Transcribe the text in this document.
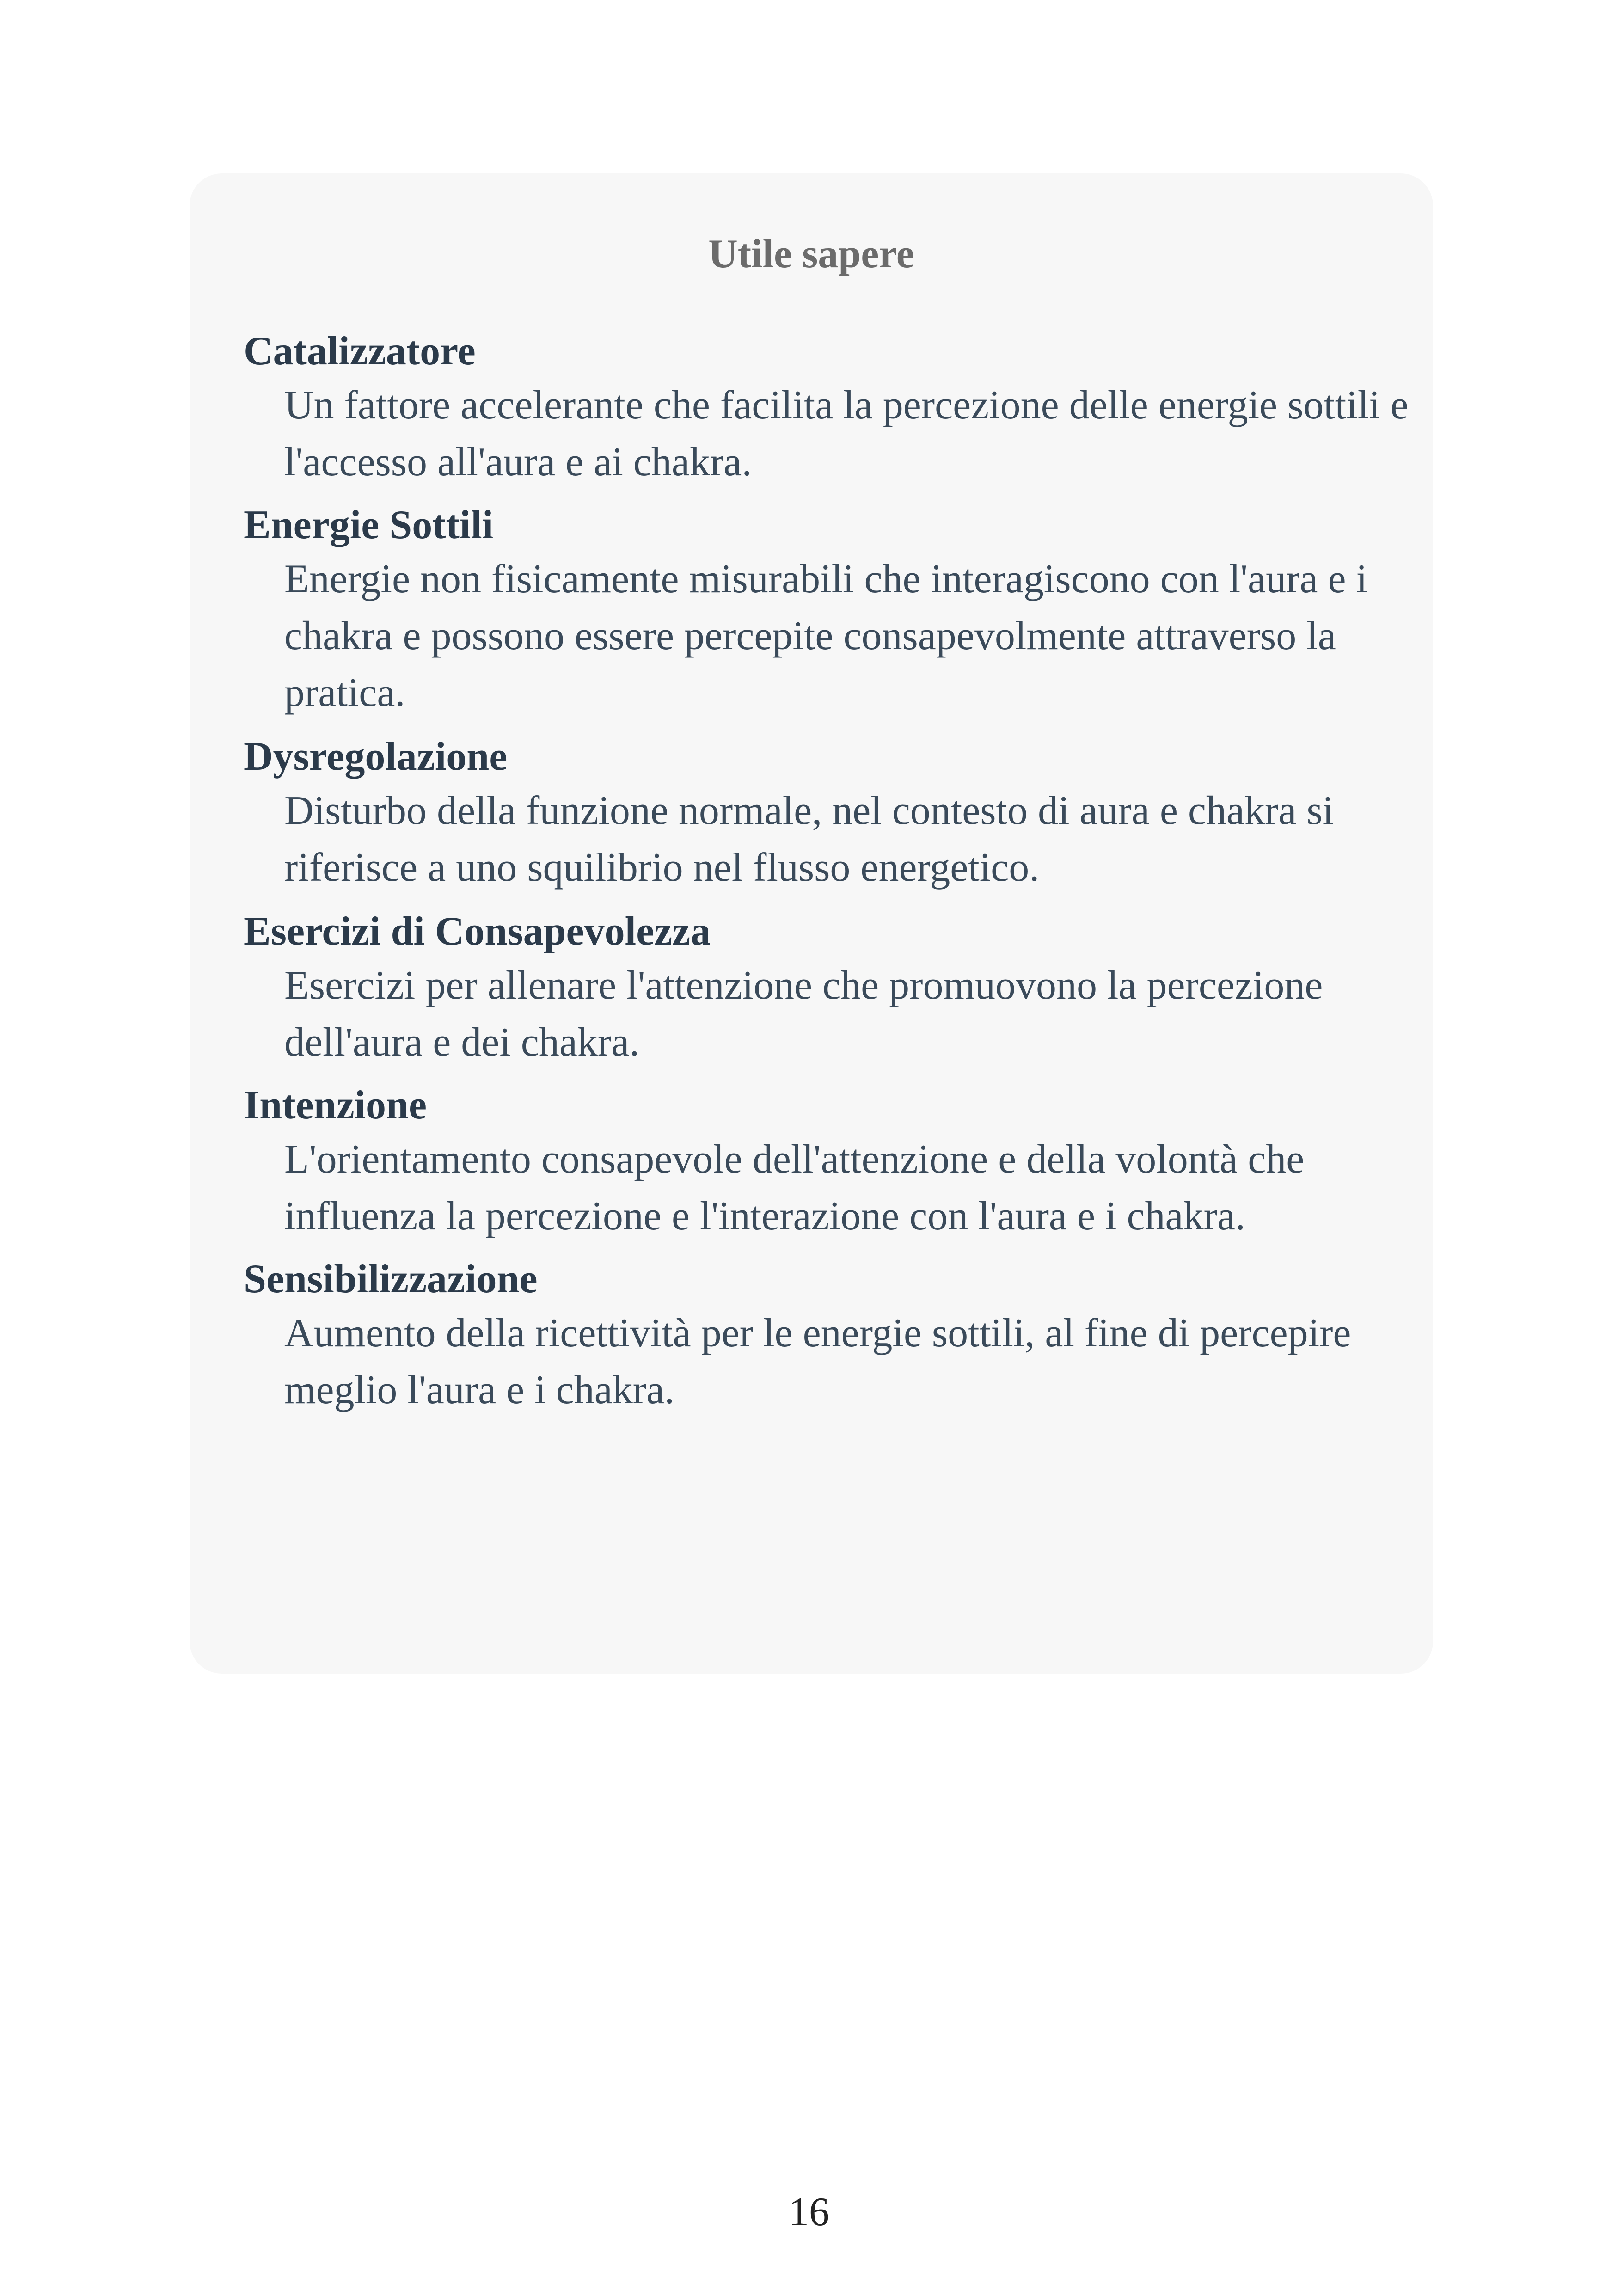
Utile sapere

Catalizzatore

Un fattore accelerante che facilita la percezione delle energie sottili e l'accesso all'aura e ai chakra.

Energie Sottili

Energie non fisicamente misurabili che interagiscono con l'aura e i chakra e possono essere percepite consapevolmente attraverso la pratica.

Dysregolazione

Disturbo della funzione normale, nel contesto di aura e chakra si riferisce a uno squilibrio nel flusso energetico.

Esercizi di Consapevolezza

Esercizi per allenare l'attenzione che promuovono la percezione dell'aura e dei chakra.

Intenzione

L'orientamento consapevole dell'attenzione e della volontà che influenza la percezione e l'interazione con l'aura e i chakra.

Sensibilizzazione

Aumento della ricettività per le energie sottili, al fine di percepire meglio l'aura e i chakra.

16
